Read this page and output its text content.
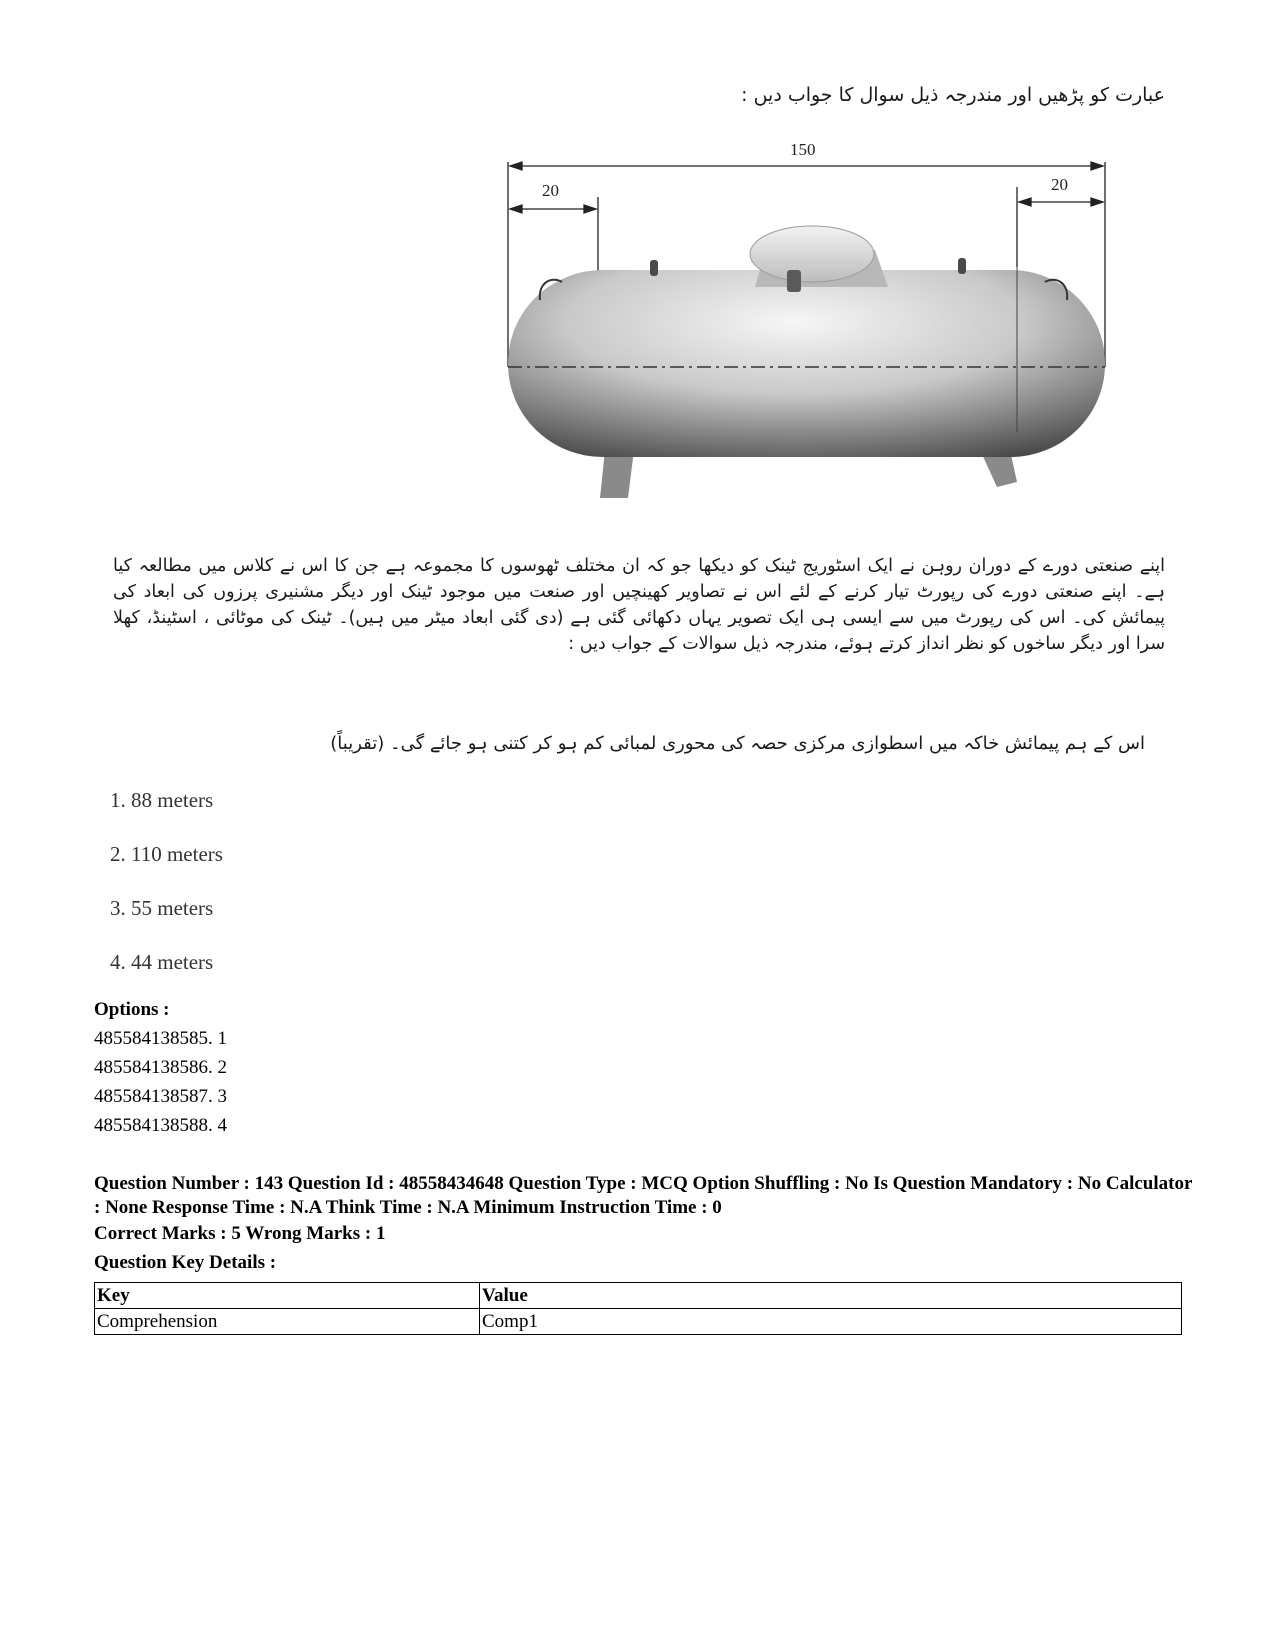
عبارت کو پڑھیں اور مندرجہ ذیل سوال کا جواب دیں :
150
20	20
اپنے صنعتی دورے کے دوران روہن نے ایک اسٹوریج ٹینک کو دیکھا جو کہ ان مختلف ٹھوسوں کا مجموعہ ہے جن کا اس نے کلاس میں مطالعہ کیا ہے۔ اپنے صنعتی دورے کی رپورٹ تیار کرنے کے لئے اس نے تصاویر کھینچیں اور صنعت میں موجود ٹینک اور دیگر مشنیری پرزوں کی ابعاد کی پیمائش کی۔ اس کی رپورٹ میں سے ایسی ہی ایک تصویر یہاں دکھائی گئی ہے (دی گئی ابعاد میٹر میں ہیں)۔ ٹینک کی موٹائی ، اسٹینڈ، کھلا سرا اور دیگر ساخوں کو نظر انداز کرتے ہوئے، مندرجہ ذیل سوالات کے جواب دیں :
اس کے ہم پیمائش خاکہ میں اسطوازی مرکزی حصہ کی محوری لمبائی کم ہو کر کتنی ہو جائے گی۔ (تقریباً)
1. 88 meters
2. 110 meters
3. 55 meters
4. 44 meters
Options :
485584138585. 1
485584138586. 2
485584138587. 3
485584138588. 4
Question Number : 143 Question Id : 48558434648 Question Type : MCQ Option Shuffling : No Is Question Mandatory : No Calculator : None Response Time : N.A Think Time : N.A Minimum Instruction Time : 0
Correct Marks : 5 Wrong Marks : 1
Question Key Details :
Key	Value
Comprehension	Comp1
